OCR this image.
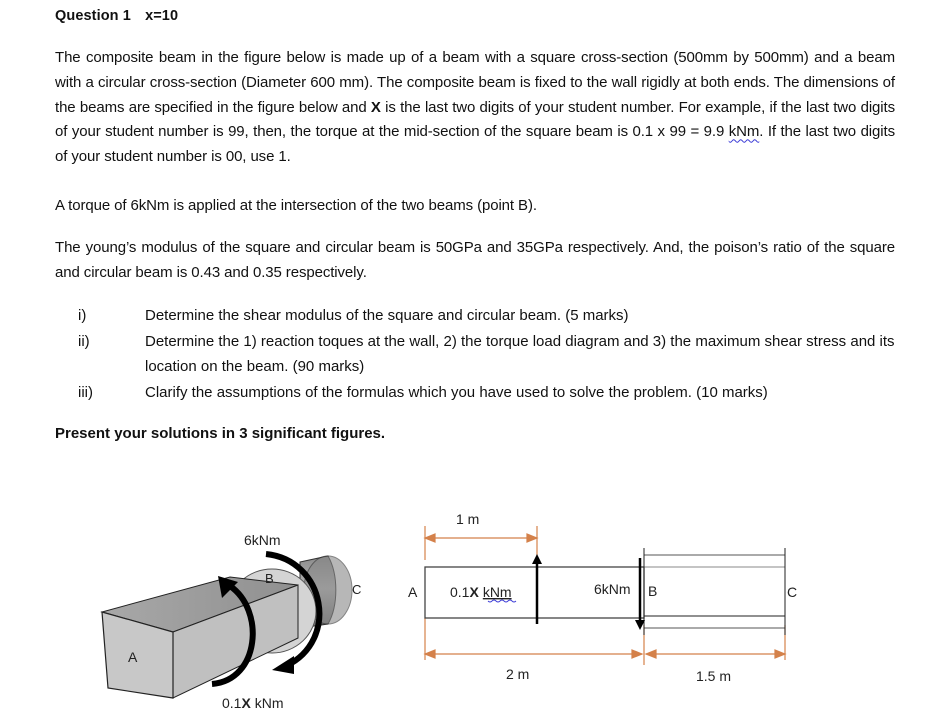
Question 1 x=10
The composite beam in the figure below is made up of a beam with a square cross-section (500mm by 500mm) and a beam with a circular cross-section (Diameter 600 mm). The composite beam is fixed to the wall rigidly at both ends. The dimensions of the beams are specified in the figure below and X is the last two digits of your student number. For example, if the last two digits of your student number is 99, then, the torque at the mid-section of the square beam is 0.1 x 99 = 9.9 kNm. If the last two digits of your student number is 00, use 1.
A torque of 6kNm is applied at the intersection of the two beams (point B).
The young’s modulus of the square and circular beam is 50GPa and 35GPa respectively. And, the poison’s ratio of the square and circular beam is 0.43 and 0.35 respectively.
i)	Determine the shear modulus of the square and circular beam. (5 marks)
ii)	Determine the 1) reaction toques at the wall, 2) the torque load diagram and 3) the maximum shear stress and its location on the beam. (90 marks)
iii)	Clarify the assumptions of the formulas which you have used to solve the problem. (10 marks)
Present your solutions in 3 significant figures.
6kNm
B
C
A
0.1X kNm
1 m
A 0.1X kNm	6kNm B	C
2 m	1.5 m
